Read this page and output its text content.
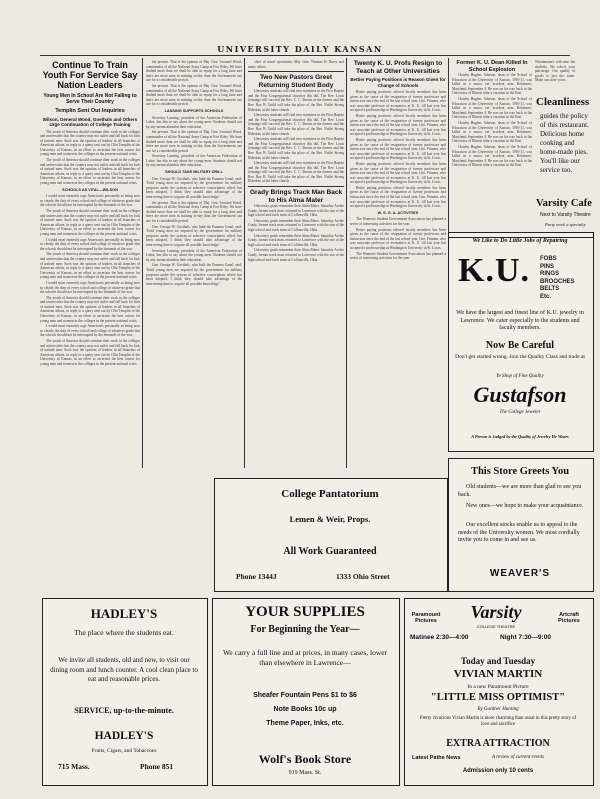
UNIVERSITY DAILY KANSAN
Continue To Train Youth For Service Say Nation Leaders
Young Men In School Are Not Falling to Serve Their Country
Templin Sent Out Inquiries
Wilson, General Wood, Goethals and Others Urge Continuation of College Training

The youth of America should continue their work in the colleges and universities that the country may not suffer and fall back for lack of trained men. Such was the opinion of leaders in all branches of American affairs, in reply to a query sent out by Olin Templin of the University of Kansas, in an effort to ascertain the best course for young men and women in the colleges in the present national crisis.

The youth of America should continue their work in the colleges and universities that the country may not suffer and fall back for lack of trained men. Such was the opinion of leaders in all branches of American affairs, in reply to a query sent out by Olin Templin of the University of Kansas, in an effort to ascertain the best course for young men and women in the colleges in the present national crisis.

SCHOOLS AS VITAL—WILSON

I would most earnestly urge American's personally as being now so clearly the duty of every school and college of whatever grade that the schools should not be interrupted by the demands of the war.

The youth of America should continue their work in the colleges and universities that the country may not suffer and fall back for lack of trained men. Such was the opinion of leaders in all branches of American affairs, in reply to a query sent out by Olin Templin of the University of Kansas, in an effort to ascertain the best course for young men and women in the colleges in the present national crisis.

I would most earnestly urge American's personally as being now so clearly the duty of every school and college of whatever grade that the schools should not be interrupted by the demands of the war.

The youth of America should continue their work in the colleges and universities that the country may not suffer and fall back for lack of trained men. Such was the opinion of leaders in all branches of American affairs, in reply to a query sent out by Olin Templin of the University of Kansas, in an effort to ascertain the best course for young men and women in the colleges in the present national crisis.

I would most earnestly urge American's personally as being now so clearly the duty of every school and college of whatever grade that the schools should not be interrupted by the demands of the war.

The youth of America should continue their work in the colleges and universities that the country may not suffer and fall back for lack of trained men. Such was the opinion of leaders in all branches of American affairs, in reply to a query sent out by Olin Templin of the University of Kansas, in an effort to ascertain the best course for young men and women in the colleges in the present national crisis.

I would most earnestly urge American's personally as being now so clearly the duty of every school and college of whatever grade that the schools should not be interrupted by the demands of the war.

The youth of America should continue their work in the colleges and universities that the country may not suffer and fall back for lack of trained men. Such was the opinion of leaders in all branches of American affairs, in reply to a query sent out by Olin Templin of the University of Kansas, in an effort to ascertain the best course for young men and women in the colleges in the present national crisis.

the present. That is the opinion of Maj. Gen. Leonard Wood, commander of all the National Army Camp at Fort Riley. We have drafted more than we shall be able to equip for a long time and there are more men in training to-day than the Government can use for a considerable period.

the present. That is the opinion of Maj. Gen. Leonard Wood, commander of all the National Army Camp at Fort Riley. We have drafted more than we shall be able to equip for a long time and there are more men in training to-day than the Government can use for a considerable period.

LANSING SUPPORTS SCHOOLS

Secretary Lansing, president of the American Federation of Labor, has this to say about the young men: Students should not by any means abandon their education.

the present. That is the opinion of Maj. Gen. Leonard Wood, commander of all the National Army Camp at Fort Riley. We have drafted more than we shall be able to equip for a long time and there are more men in training to-day than the Government can use for a considerable period.

Secretary Lansing, president of the American Federation of Labor, has this to say about the young men: Students should not by any means abandon their education.

SHOULD TAKE MILITARY DRILL

Gen. George W. Goethals, who built the Panama Canal, said: 'Until young men are required by the government for military purposes under the system of selective conscription which has been adopted, I think they should take advantage of the intervening time to acquire all possible knowledge.'

the present. That is the opinion of Maj. Gen. Leonard Wood, commander of all the National Army Camp at Fort Riley. We have drafted more than we shall be able to equip for a long time and there are more men in training to-day than the Government can use for a considerable period.

Gen. George W. Goethals, who built the Panama Canal, said: 'Until young men are required by the government for military purposes under the system of selective conscription which has been adopted, I think they should take advantage of the intervening time to acquire all possible knowledge.'

Secretary Lansing, president of the American Federation of Labor, has this to say about the young men: Students should not by any means abandon their education.

Gen. George W. Goethals, who built the Panama Canal, said: 'Until young men are required by the government for military purposes under the system of selective conscription which has been adopted, I think they should take advantage of the intervening time to acquire all possible knowledge.'

chief of naval operations; Maj. Gen. Thomas H. Barry and many others.

Two New Pastors Greet Returning Student Body

University students will find new ministers in the First Baptist and the First Congregational churches this fall. The Rev. Louis Jennings will succeed the Rev. C. C. Brown at the former and the Rev. Roy B. Guild will take the place of the Rev. Noble Strong Elderkin, at the latter church.

University students will find new ministers in the First Baptist and the First Congregational churches this fall. The Rev. Louis Jennings will succeed the Rev. C. C. Brown at the former and the Rev. Roy B. Guild will take the place of the Rev. Noble Strong Elderkin, at the latter church.

University students will find new ministers in the First Baptist and the First Congregational churches this fall. The Rev. Louis Jennings will succeed the Rev. C. C. Brown at the former and the Rev. Roy B. Guild will take the place of the Rev. Noble Strong Elderkin, at the latter church.

University students will find new ministers in the First Baptist and the First Congregational churches this fall. The Rev. Louis Jennings will succeed the Rev. C. C. Brown at the former and the Rev. Roy B. Guild will take the place of the Rev. Noble Strong Elderkin, at the latter church.

Grady Brings Track Man Back to His Alma Mater

University grads remember their Alma Mater. Saturday Archie Grady, former track man, returned to Lawrence with the star of the high school and track team of Collinsville, Okla.

University grads remember their Alma Mater. Saturday Archie Grady, former track man, returned to Lawrence with the star of the high school and track team of Collinsville, Okla.

University grads remember their Alma Mater. Saturday Archie Grady, former track man, returned to Lawrence with the star of the high school and track team of Collinsville, Okla.

University grads remember their Alma Mater. Saturday Archie Grady, former track man, returned to Lawrence with the star of the high school and track team of Collinsville, Okla.

Twenty K. U. Profs Resign to Teach at Other Universities
Bettier Paying Positions is Reason Given for Change of Schools

Better paying positions offered faculty members has been given as the cause of the resignation of twenty professors and instructors since the end of the last school year. Geo. Putnam, who was associate professor of economics at K. U. till last year has accepted a professorship at Washington University in St. Louis.

Better paying positions offered faculty members has been given as the cause of the resignation of twenty professors and instructors since the end of the last school year. Geo. Putnam, who was associate professor of economics at K. U. till last year has accepted a professorship at Washington University in St. Louis.

Better paying positions offered faculty members has been given as the cause of the resignation of twenty professors and instructors since the end of the last school year. Geo. Putnam, who was associate professor of economics at K. U. till last year has accepted a professorship at Washington University in St. Louis.

Better paying positions offered faculty members has been given as the cause of the resignation of twenty professors and instructors since the end of the last school year. Geo. Putnam, who was associate professor of economics at K. U. till last year has accepted a professorship at Washington University in St. Louis.

Better paying positions offered faculty members has been given as the cause of the resignation of twenty professors and instructors since the end of the last school year. Geo. Putnam, who was associate professor of economics at K. U. till last year has accepted a professorship at Washington University in St. Louis.

W. S. G. A. ACTIVITIES

The Women's Student Government Association has planned a series of interesting activities for the year.

Better paying positions offered faculty members has been given as the cause of the resignation of twenty professors and instructors since the end of the last school year. Geo. Putnam, who was associate professor of economics at K. U. till last year has accepted a professorship at Washington University in St. Louis.

The Women's Student Government Association has planned a series of interesting activities for the year.

Former K. U. Dean Killed In School Explosion

Charles Hughes Johnson, dean of the School of Education at the University of Kansas, 1910-11, was killed in a motor car accident near Baltimore, Maryland, September 4. He was on his way back to the University of Illinois after a vacation in the East.

Charles Hughes Johnson, dean of the School of Education at the University of Kansas, 1910-11, was killed in a motor car accident near Baltimore, Maryland, September 4. He was on his way back to the University of Illinois after a vacation in the East.

Charles Hughes Johnson, dean of the School of Education at the University of Kansas, 1910-11, was killed in a motor car accident near Baltimore, Maryland, September 4. He was on his way back to the University of Illinois after a vacation in the East.

Charles Hughes Johnson, dean of the School of Education at the University of Kansas, 1910-11, was killed in a motor car accident near Baltimore, Maryland, September 4. He was on his way back to the University of Illinois after a vacation in the East.

Windemann's welcome the students. We solicit your patronage. Our quality of goods is just the same. Make our store yours.
Cleanliness
guides the policy of this restaurant. Delicious home cooking and home-made pies. You'll like our service too.
Varsity Cafe
Next to Varsity Theatre
Party work a specialty
We Like to Do Little Jobs of Repairing
K.U.	FOBS
PINS
RINGS
BROOCHES
BELTS
Etc.
We have the largest and finest line of K.U. jewelry in Lawrence. We cater especially to the students and faculty members.
Now Be Careful
Don't get started wrong. Join the Quality Class and trade at
Ye Shop of Fine Quality
Gustafson
The College Jeweler
A Person is Judged by the Quality of Jewelry He Wears
College Pantatorium
Lemen & Weir, Props.
All Work Guaranteed
Phone 1344J	1333 Ohio Street
This Store Greets You
Old students—we are more than glad to see you back.
New ones—we hope to make your acquaintance.
Our excellent stocks enable us to appeal to the needs of the University women. We most cordially invite you to come in and see us.
WEAVER'S
HADLEY'S
The place where the students eat.
We invite all students, old and new, to visit our dining room and lunch counter. A cool clean place to eat and reasonable prices.
SERVICE, up-to-the-minute.
HADLEY'S
Fruits, Cigars, and Tobaccoes
715 Mass.	Phone 851
YOUR SUPPLIES
For Beginning the Year—
We carry a full line and at prices, in many cases, lower than elsewhere in Lawrence—
Sheafer Fountain Pens $1 to $6
Note Books 10c up
Theme Paper, Inks, etc.
Wolf's Book Store
919 Mass. St.
Paramount Pictures	Varsity
COLLEGE THEATRE
Artcraft Pictures
Matinee 2:30—4:00	Night 7:30—9:00
Today and Tuesday
VIVIAN MARTIN
In a new Paramount Picture
"LITTLE MISS OPTIMIST"
By Gardner Hunting
Pretty vivacious Vivian Martin is more charming than usual in this pretty story of love and sacrifice
EXTRA ATTRACTION
Latest Pathe News	A review of current events
Admission only 10 cents
